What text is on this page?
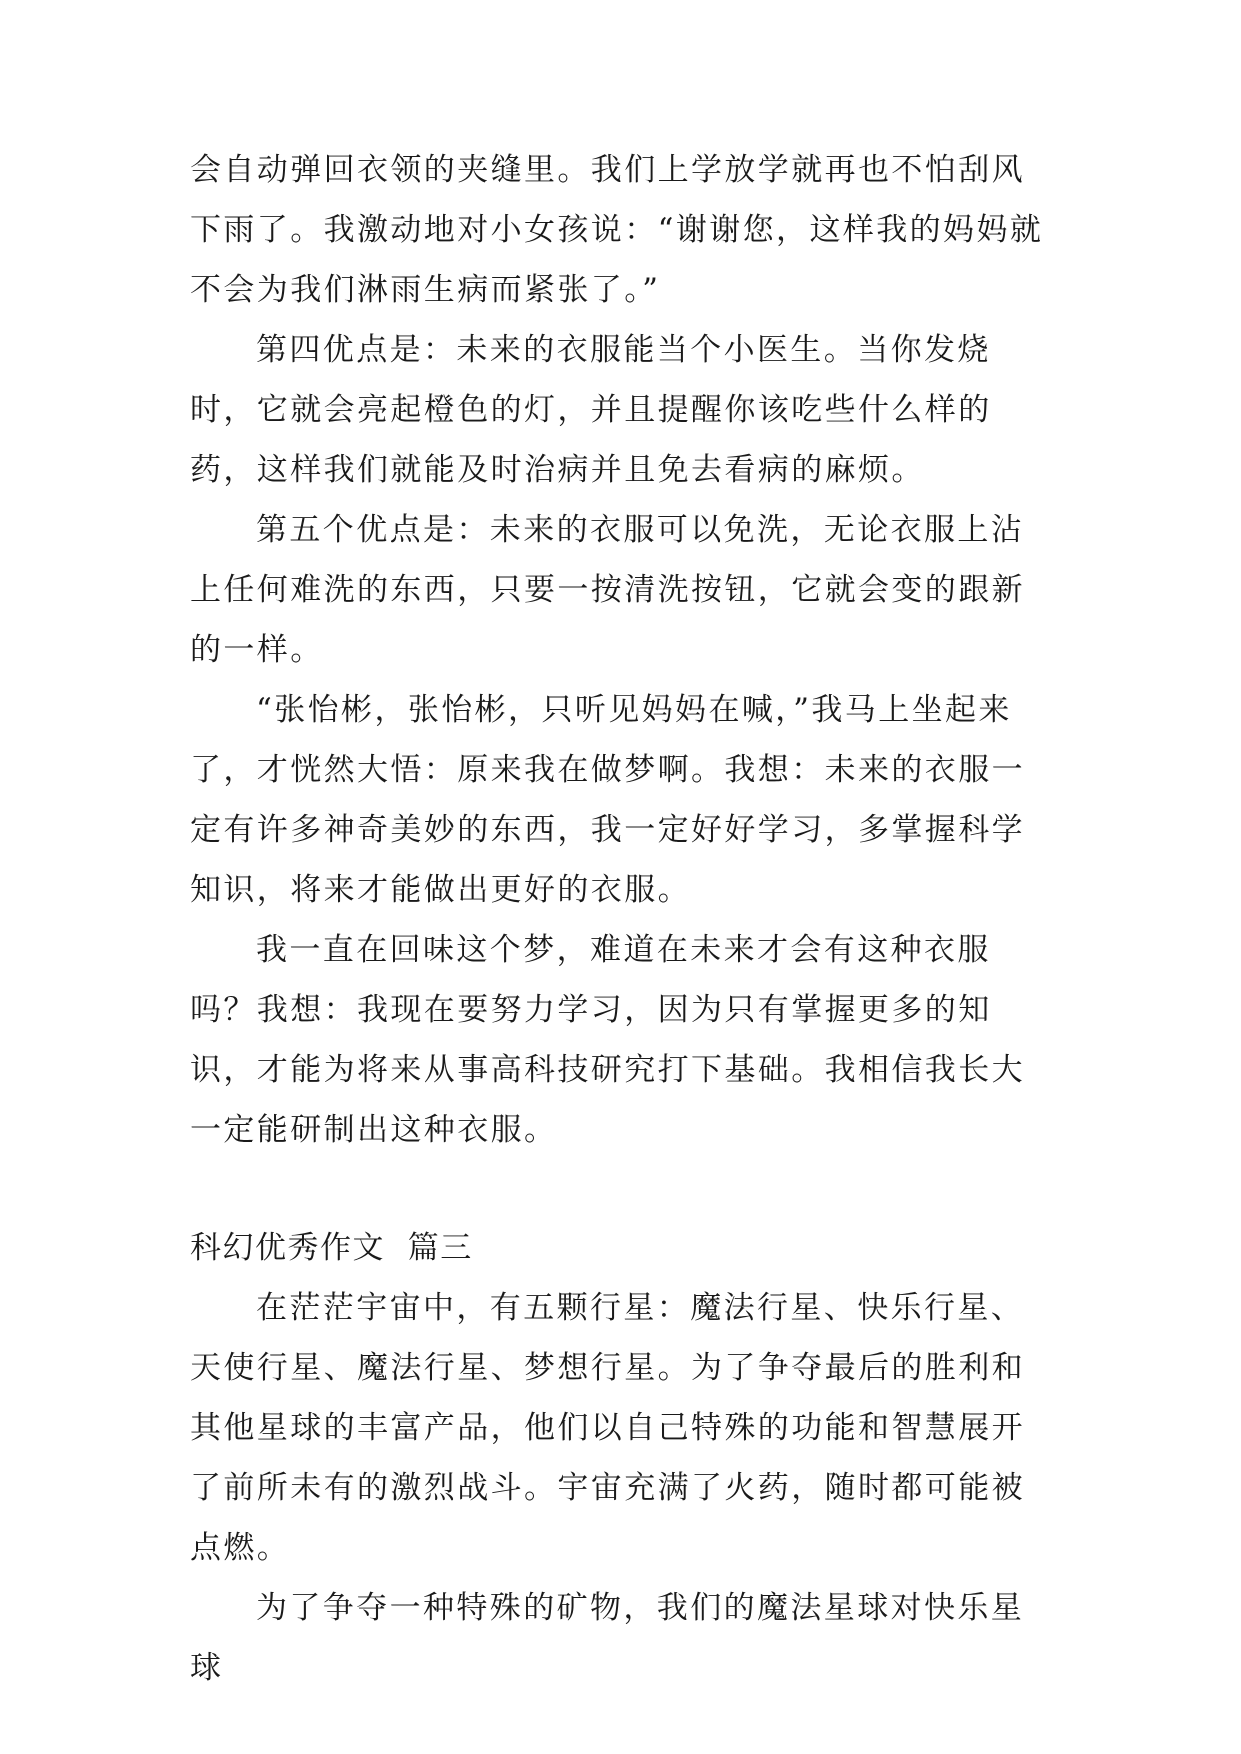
会自动弹回衣领的夹缝里。我们上学放学就再也不怕刮风下雨了。我激动地对小女孩说：“谢谢您，这样我的妈妈就不会为我们淋雨生病而紧张了。”

第四优点是：未来的衣服能当个小医生。当你发烧时，它就会亮起橙色的灯，并且提醒你该吃些什么样的药，这样我们就能及时治病并且免去看病的麻烦。

第五个优点是：未来的衣服可以免洗，无论衣服上沾上任何难洗的东西，只要一按清洗按钮，它就会变的跟新的一样。

“张怡彬，张怡彬，只听见妈妈在喊，”我马上坐起来了，才恍然大悟：原来我在做梦啊。我想：未来的衣服一定有许多神奇美妙的东西，我一定好好学习，多掌握科学知识，将来才能做出更好的衣服。

我一直在回味这个梦，难道在未来才会有这种衣服吗？我想：我现在要努力学习，因为只有掌握更多的知识，才能为将来从事高科技研究打下基础。我相信我长大一定能研制出这种衣服。

科幻优秀作文  篇三

在茫茫宇宙中，有五颗行星：魔法行星、快乐行星、天使行星、魔法行星、梦想行星。为了争夺最后的胜利和其他星球的丰富产品，他们以自己特殊的功能和智慧展开了前所未有的激烈战斗。宇宙充满了火药，随时都可能被点燃。

为了争夺一种特殊的矿物，我们的魔法星球对快乐星球
